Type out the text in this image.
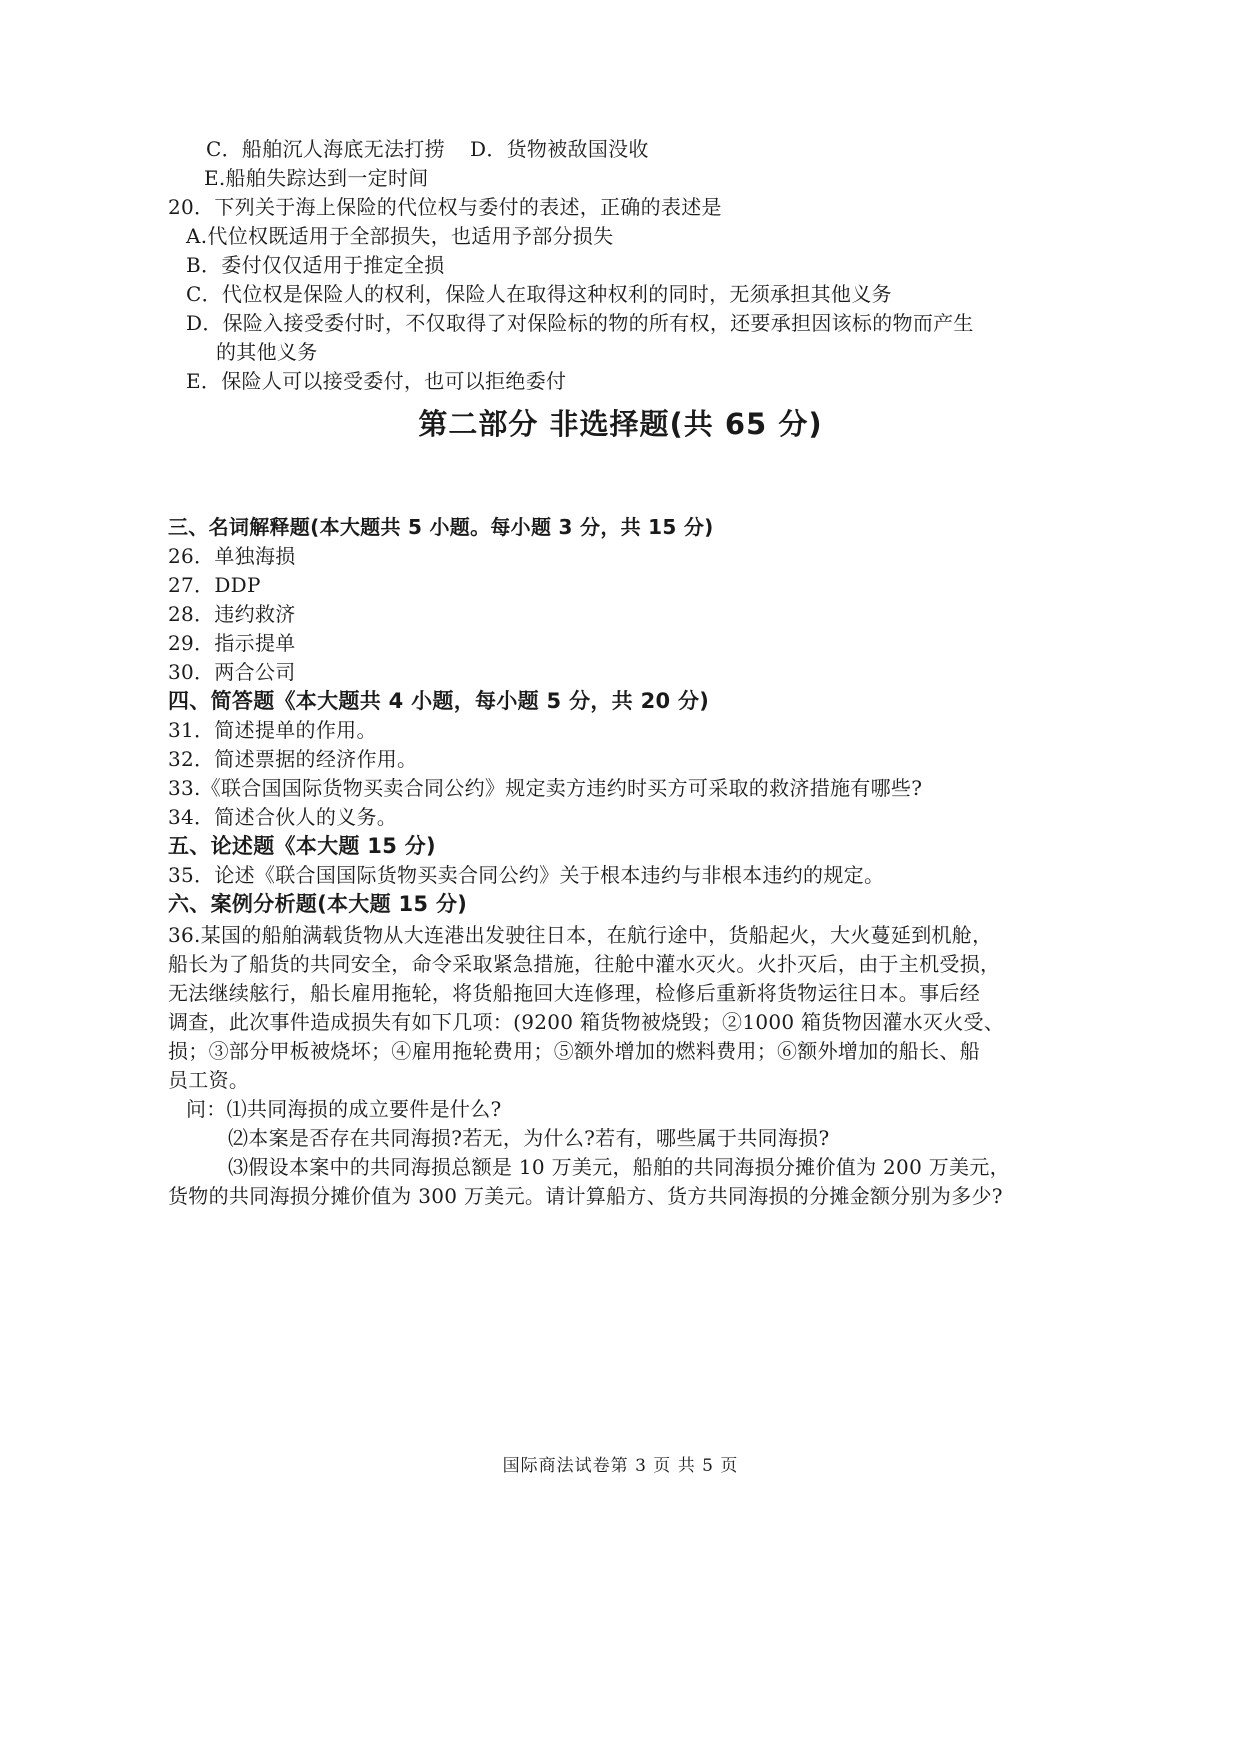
C．船舶沉人海底无法打捞 D．货物被敌国没收
E.船舶失踪达到一定时间
20．下列关于海上保险的代位权与委付的表述，正确的表述是
A.代位权既适用于全部损失，也适用予部分损失
B．委付仅仅适用于推定全损
C．代位权是保险人的权利，保险人在取得这种权利的同时，无须承担其他义务
D．保险入接受委付时，不仅取得了对保险标的物的所有权，还要承担因该标的物而产生
的其他义务
E．保险人可以接受委付，也可以拒绝委付
第二部分 非选择题(共 65 分)
三、名词解释题(本大题共 5 小题。每小题 3 分，共 15 分)
26．单独海损
27．DDP
28．违约救济
29．指示提单
30．两合公司
四、简答题《本大题共 4 小题，每小题 5 分，共 20 分)
31．简述提单的作用。
32．简述票据的经济作用。
33.《联合国国际货物买卖合同公约》规定卖方违约时买方可采取的救济措施有哪些?
34．简述合伙人的义务。
五、论述题《本大题 15 分)
35．论述《联合国国际货物买卖合同公约》关于根本违约与非根本违约的规定。
六、案例分析题(本大题 15 分)
36.某国的船舶满载货物从大连港出发驶往日本，在航行途中，货船起火，大火蔓延到机舱，
船长为了船货的共同安全，命令采取紧急措施，往舱中灌水灭火。火扑灭后，由于主机受损，
无法继续舷行，船长雇用拖轮，将货船拖回大连修理，检修后重新将货物运往日本。事后经
调查，此次事件造成损失有如下几项：(9200 箱货物被烧毁；②1000 箱货物因灌水灭火受、
损；③部分甲板被烧坏；④雇用拖轮费用；⑤额外增加的燃料费用；⑥额外增加的船长、船
员工资。
问：⑴共同海损的成立要件是什么?
⑵本案是否存在共同海损?若无，为什么?若有，哪些属于共同海损?
⑶假设本案中的共同海损总额是 10 万美元，船舶的共同海损分摊价值为 200 万美元，
货物的共同海损分摊价值为 300 万美元。请计算船方、货方共同海损的分摊金额分别为多少?
国际商法试卷第 3 页 共 5 页
